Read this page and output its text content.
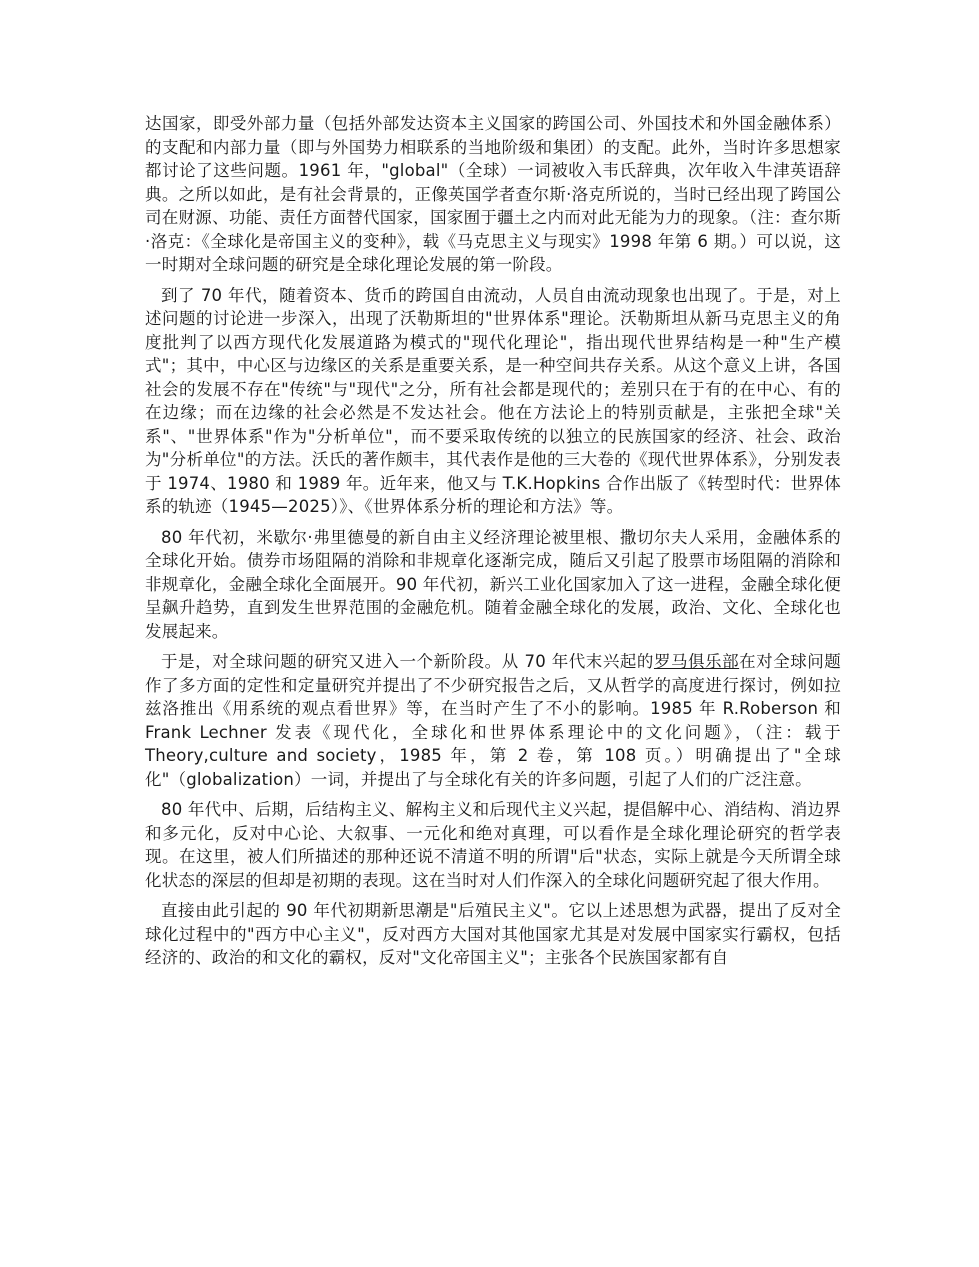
达国家，即受外部力量（包括外部发达资本主义国家的跨国公司、外国技术和外国金融体系）的支配和内部力量（即与外国势力相联系的当地阶级和集团）的支配。此外，当时许多思想家都讨论了这些问题。1961 年，"global"（全球）一词被收入韦氏辞典，次年收入牛津英语辞典。之所以如此，是有社会背景的，正像英国学者查尔斯·洛克所说的，当时已经出现了跨国公司在财源、功能、责任方面替代国家，国家囿于疆土之内而对此无能为力的现象。（注：查尔斯·洛克：《全球化是帝国主义的变种》，载《马克思主义与现实》1998 年第 6 期。）可以说，这一时期对全球问题的研究是全球化理论发展的第一阶段。

到了 70 年代，随着资本、货币的跨国自由流动，人员自由流动现象也出现了。于是，对上述问题的讨论进一步深入，出现了沃勒斯坦的"世界体系"理论。沃勒斯坦从新马克思主义的角度批判了以西方现代化发展道路为模式的"现代化理论"，指出现代世界结构是一种"生产模式"；其中，中心区与边缘区的关系是重要关系，是一种空间共存关系。从这个意义上讲，各国社会的发展不存在"传统"与"现代"之分，所有社会都是现代的；差别只在于有的在中心、有的在边缘；而在边缘的社会必然是不发达社会。他在方法论上的特别贡献是，主张把全球"关系"、"世界体系"作为"分析单位"，而不要采取传统的以独立的民族国家的经济、社会、政治为"分析单位"的方法。沃氏的著作颇丰，其代表作是他的三大卷的《现代世界体系》，分别发表于 1974、1980 和 1989 年。近年来，他又与 T.K.Hopkins 合作出版了《转型时代：世界体系的轨迹（1945—2025）》、《世界体系分析的理论和方法》等。

80 年代初，米歇尔·弗里德曼的新自由主义经济理论被里根、撒切尔夫人采用，金融体系的全球化开始。债券市场阻隔的消除和非规章化逐渐完成，随后又引起了股票市场阻隔的消除和非规章化，金融全球化全面展开。90 年代初，新兴工业化国家加入了这一进程，金融全球化便呈飙升趋势，直到发生世界范围的金融危机。随着金融全球化的发展，政治、文化、全球化也发展起来。

于是，对全球问题的研究又进入一个新阶段。从 70 年代末兴起的罗马俱乐部在对全球问题作了多方面的定性和定量研究并提出了不少研究报告之后，又从哲学的高度进行探讨，例如拉兹洛推出《用系统的观点看世界》等，在当时产生了不小的影响。1985 年 R.Roberson 和 Frank Lechner 发表《现代化，全球化和世界体系理论中的文化问题》，（注：载于 Theory,culture and society，1985 年，第 2 卷，第 108 页。）明确提出了"全球化"（globalization）一词，并提出了与全球化有关的许多问题，引起了人们的广泛注意。

80 年代中、后期，后结构主义、解构主义和后现代主义兴起，提倡解中心、消结构、消边界和多元化，反对中心论、大叙事、一元化和绝对真理，可以看作是全球化理论研究的哲学表现。在这里，被人们所描述的那种还说不清道不明的所谓"后"状态，实际上就是今天所谓全球化状态的深层的但却是初期的表现。这在当时对人们作深入的全球化问题研究起了很大作用。

直接由此引起的 90 年代初期新思潮是"后殖民主义"。它以上述思想为武器，提出了反对全球化过程中的"西方中心主义"，反对西方大国对其他国家尤其是对发展中国家实行霸权，包括经济的、政治的和文化的霸权，反对"文化帝国主义"；主张各个民族国家都有自
